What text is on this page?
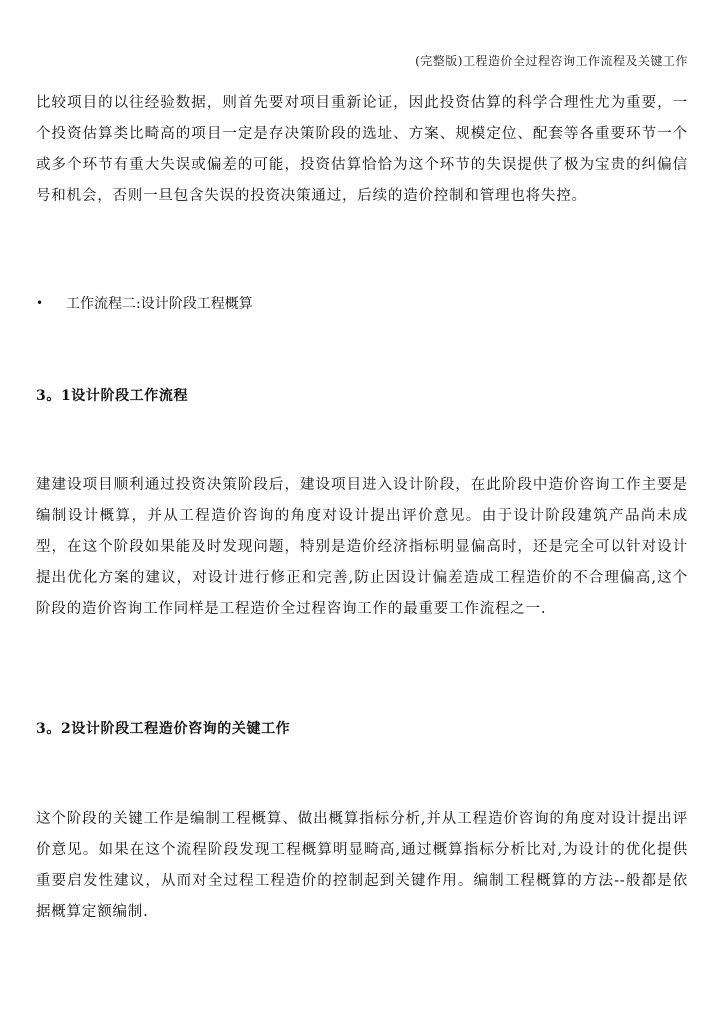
(完整版)工程造价全过程咨询工作流程及关键工作

比较项目的以往经验数据，则首先要对项目重新论证，因此投资估算的科学合理性尤为重要，一个投资估算类比畸高的项目一定是存决策阶段的选址、方案、规模定位、配套等各重要环节一个或多个环节有重大失误或偏差的可能，投资估算恰恰为这个环节的失误提供了极为宝贵的纠偏信号和机会，否则一旦包含失误的投资决策通过，后续的造价控制和管理也将失控。

•	工作流程二:设计阶段工程概算
3。1设计阶段工作流程

建建设项目顺利通过投资决策阶段后，建设项目进入设计阶段，在此阶段中造价咨询工作主要是编制设计概算，并从工程造价咨询的角度对设计提出评价意见。由于设计阶段建筑产品尚未成型，在这个阶段如果能及时发现问题，特别是造价经济指标明显偏高时，还是完全可以针对设计提出优化方案的建议，对设计进行修正和完善,防止因设计偏差造成工程造价的不合理偏高,这个阶段的造价咨询工作同样是工程造价全过程咨询工作的最重要工作流程之一.

3。2设计阶段工程造价咨询的关键工作

这个阶段的关键工作是编制工程概算、做出概算指标分析,并从工程造价咨询的角度对设计提出评价意见。如果在这个流程阶段发现工程概算明显畸高,通过概算指标分析比对,为设计的优化提供重要启发性建议，从而对全过程工程造价的控制起到关键作用。编制工程概算的方法--般都是依据概算定额编制.
